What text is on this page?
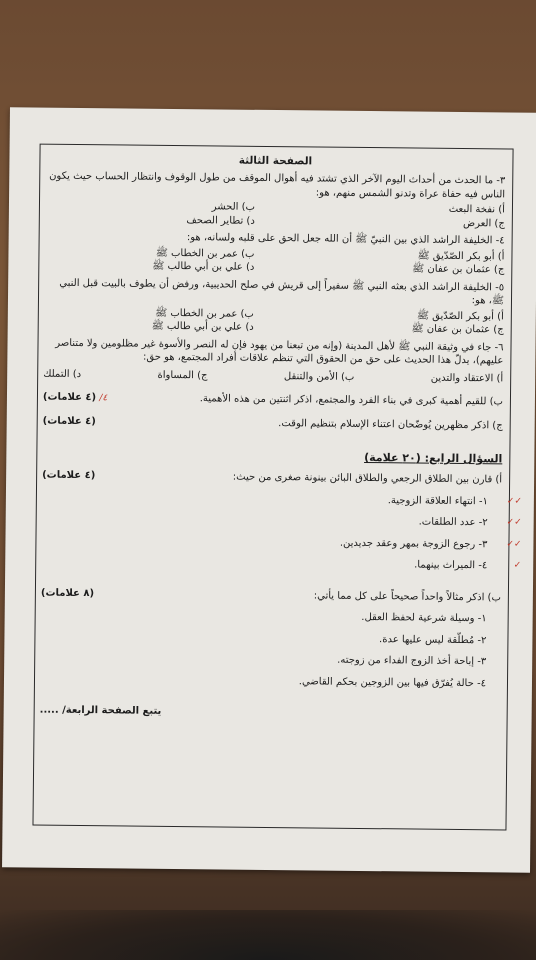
الصفحة الثالثة
٣- ما الحدث من أحداث اليوم الآخر الذي تشتد فيه أهوال الموقف من طول الوقوف وانتظار الحساب حيث يكون الناس فيه حفاة عراة وتدنو الشمس منهم، هو:
أ) نفخة البعث
ب) الحشر
ج) العرض
د) تطاير الصحف
٤- الخليفة الراشد الذي بين النبيّ ﷺ أن الله جعل الحق على قلبه ولسانه، هو:
أ) أبو بكر الصّدّيق ﷺ
ب) عمر بن الخطاب ﷺ
ج) عثمان بن عفان ﷺ
د) علي بن أبي طالب ﷺ
٥- الخليفة الراشد الذي بعثه النبي ﷺ سفيراً إلى قريش في صلح الحديبية، ورفض أن يطوف بالبيت قبل النبي ﷺ، هو:
أ) أبو بكر الصّدّيق ﷺ
ب) عمر بن الخطاب ﷺ
ج) عثمان بن عفان ﷺ
د) علي بن أبي طالب ﷺ
٦- جاء في وثيقة النبي ﷺ لأهل المدينة (وإنه من تبعنا من يهود فإن له النصر والأسوة غير مظلومين ولا متناصر عليهم)، يدلّ هذا الحديث على حق من الحقوق التي تنظم علاقات أفراد المجتمع، هو حق:
أ) الاعتقاد والتدين
ب) الأمن والتنقل
ج) المساواة
د) التملك
ب) للقيم أهمية كبرى في بناء الفرد والمجتمع، اذكر اثنتين من هذه الأهمية.
٤/ (٤ علامات)
ج) اذكر مظهرين يُوضّحان اعتناء الإسلام بتنظيم الوقت.
(٤ علامات)
السؤال الرابع: (٢٠ علامة)
أ) قارن بين الطلاق الرجعي والطلاق البائن بينونة صغرى من حيث:
(٤ علامات)
✓✓
١- انتهاء العلاقة الزوجية.
✓✓
٢- عدد الطلقات.
✓✓
٣- رجوع الزوجة بمهر وعقد جديدين.
✓
٤- الميراث بينهما.
ب) اذكر مثالاً واحداً صحيحاً على كل مما يأتي:
(٨ علامات)
١- وسيلة شرعية لحفظ العقل.
٢- مُطلّقة ليس عليها عدة.
٣- إباحة أخذ الزوج الفداء من زوجته.
٤- حالة يُفرّق فيها بين الزوجين بحكم القاضي.
يتبع الصفحة الرابعة/ .....
